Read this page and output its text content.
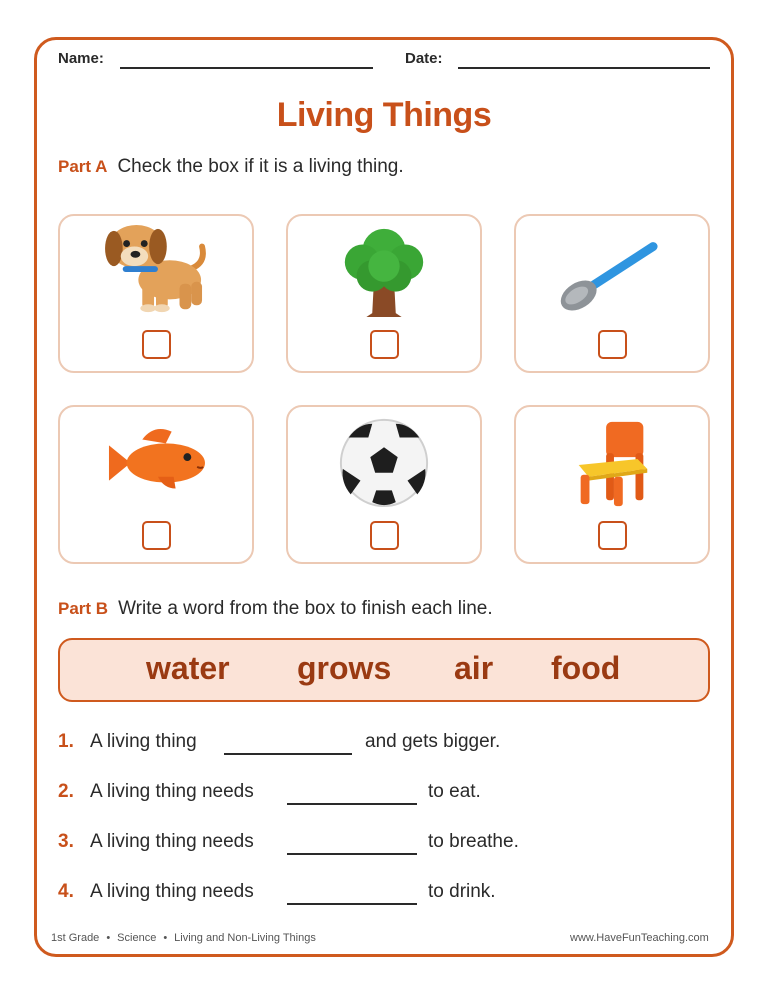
Name:	Date:
Living Things
Part A Check the box if it is a living thing.
Part B Write a word from the box to finish each line.
water grows air food
1. A living thing	and gets bigger.
2. A living thing needs	to eat.
3. A living thing needs	to breathe.
4. A living thing needs	to drink.
1st Grade • Science • Living and Non-Living Things	www.HaveFunTeaching.com
